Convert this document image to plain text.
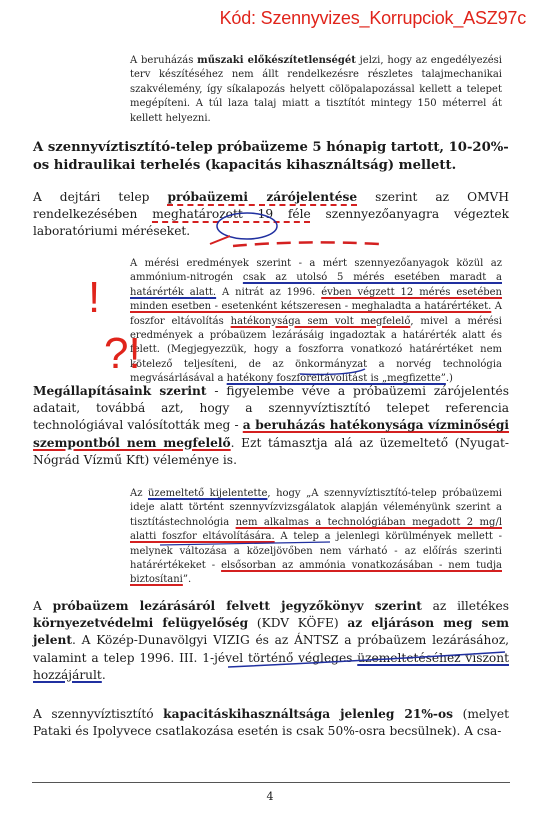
Kód: Szennyvizes_Korrupciok_ASZ97c

A beruházás műszaki előkészítetlenségét jelzi, hogy az engedélyezési terv készítéséhez nem állt rendelkezésre részletes talajmechanikai szakvélemény, így síkalapozás helyett cölöpalapozással kellett a telepet megépíteni. A túl laza talaj miatt a tisztítót mintegy 150 méterrel át kellett helyezni.

A szennyvíztisztító-telep próbaüzeme 5 hónapig tartott, 10-20%-os hidraulikai terhelés (kapacitás kihasználtság) mellett.

A dejtári telep próbaüzemi zárójelentése szerint az OMVH rendelkezésében meghatározott 19 féle szennyezőanyagra végeztek laboratóriumi méréseket.

A mérési eredmények szerint - a mért szennyezőanyagok közül az ammónium-nitrogén csak az utolsó 5 mérés esetében maradt a határérték alatt. A nitrát az 1996. évben végzett 12 mérés esetében minden esetben - esetenként kétszeresen - meghaladta a határértéket. A foszfor eltávolítás hatékonysága sem volt megfelelő, mivel a mérési eredmények a próbaüzem lezárásáig ingadoztak a határérték alatt és felett. (Megjegyezzük, hogy a foszforra vonatkozó határértéket nem kötelező teljesíteni, de az önkormányzat a norvég technológia megvásárlásával a hatékony foszforeltávolítást is „megfizette”.)

Megállapításaink szerint - figyelembe véve a próbaüzemi zárójelentés adatait, továbbá azt, hogy a szennyvíztisztító telepet referencia technológiával valósították meg - a beruházás hatékonysága vízminőségi szempontból nem megfelelő. Ezt támasztja alá az üzemeltető (Nyugat-Nógrád Vízmű Kft) véleménye is.

Az üzemeltető kijelentette, hogy „A szennyvíztisztító-telep próbaüzemi ideje alatt történt szennyvízvizsgálatok alapján véleményünk szerint a tisztítástechnológia nem alkalmas a technológiában megadott 2 mg/l alatti foszfor eltávolítására. A telep a jelenlegi körülmények mellett - melynek változása a közeljövőben nem várható - az előírás szerinti határértékeket - elsősorban az ammónia vonatkozásában - nem tudja biztosítani”.

A próbaüzem lezárásáról felvett jegyzőkönyv szerint az illetékes környezetvédelmi felügyelőség (KDV KÖFE) az eljáráson meg sem jelent. A Közép-Dunavölgyi VIZIG és az ÁNTSZ a próbaüzem lezárásához, valamint a telep 1996. III. 1-jével történő végleges üzemeltetéséhez viszont hozzájárult.

A szennyvíztisztító kapacitáskihasználtsága jelenleg 21%-os (melyet Pataki és Ipolyvece csatlakozása esetén is csak 50%-osra becsülnek). A csa-

!
?!
4
